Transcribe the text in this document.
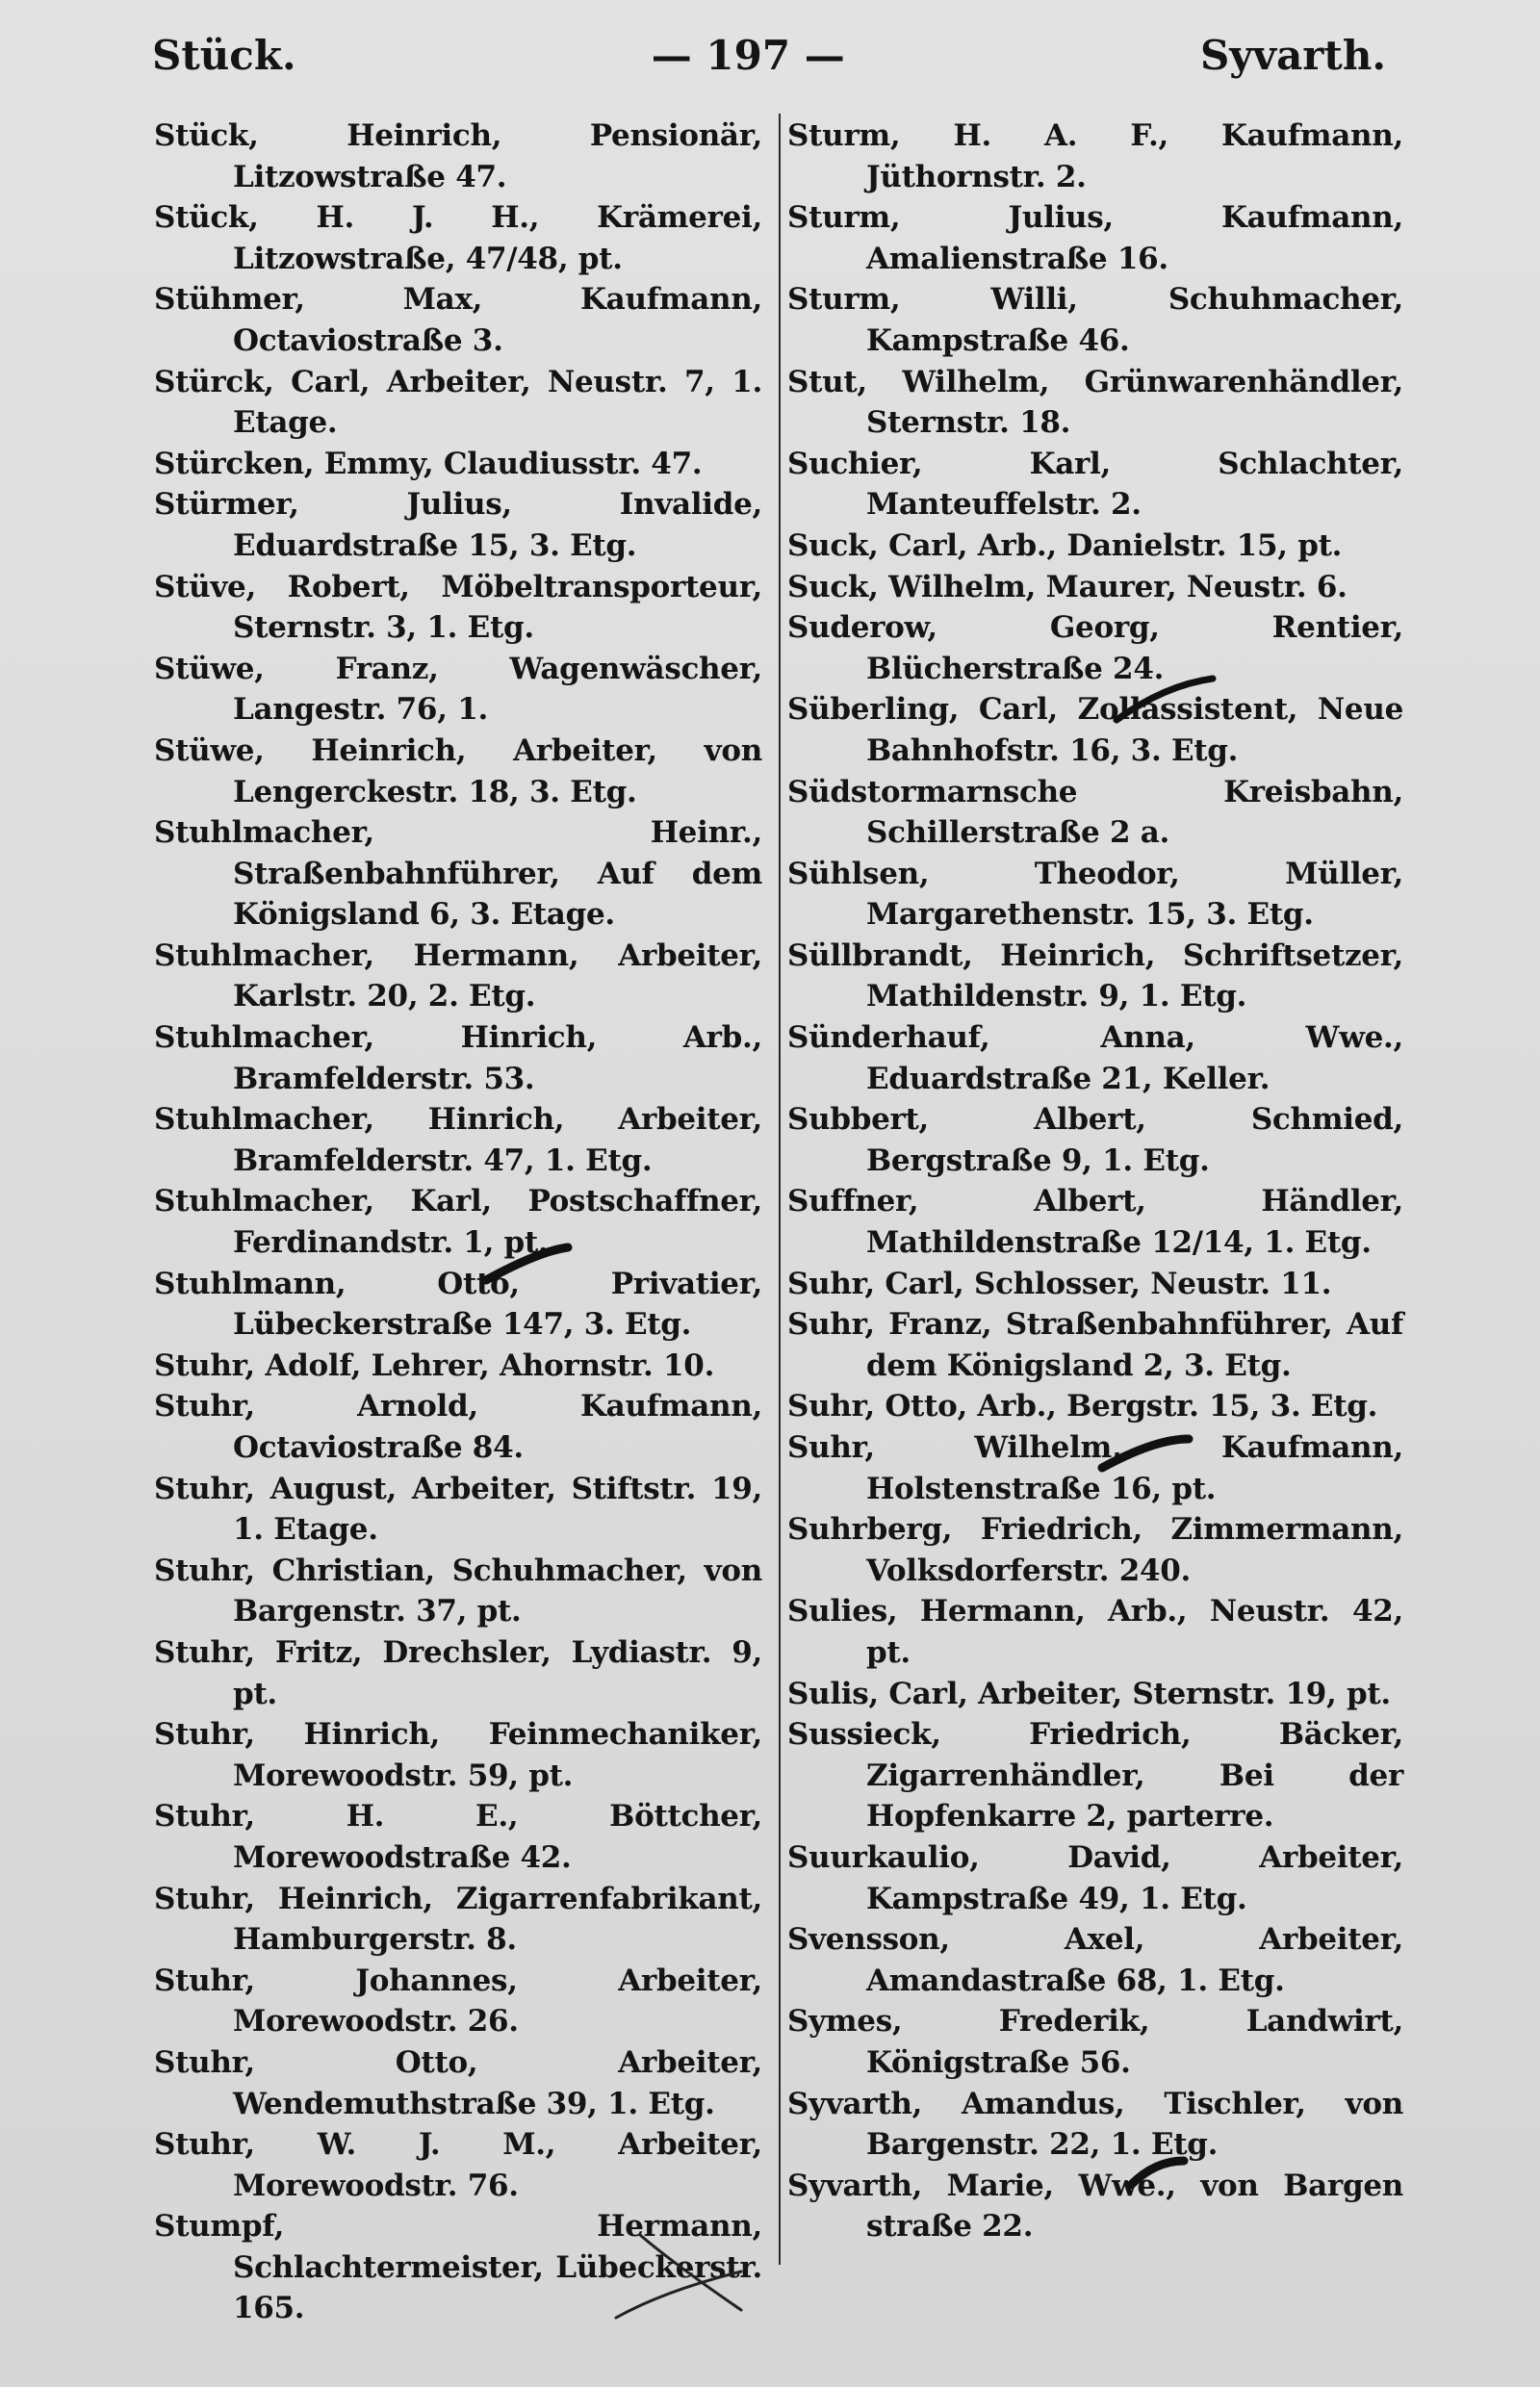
Stück.	— 197 —	Syvarth.
Stück, Heinrich, Pensionär, Litzowstraße 47.
Stück, H. J. H., Krämerei, Litzowstraße, 47/48, pt.
Stühmer, Max, Kaufmann, Octaviostraße 3.
Stürck, Carl, Arbeiter, Neustr. 7, 1. Etage.
Stürcken, Emmy, Claudiusstr. 47.
Stürmer, Julius, Invalide, Eduardstraße 15, 3. Etg.
Stüve, Robert, Möbeltransporteur, Sternstr. 3, 1. Etg.
Stüwe, Franz, Wagenwäscher, Langestr. 76, 1.
Stüwe, Heinrich, Arbeiter, von Lengerckestr. 18, 3. Etg.
Stuhlmacher, Heinr., Straßenbahnführer, Auf dem Königsland 6, 3. Etage.
Stuhlmacher, Hermann, Arbeiter, Karlstr. 20, 2. Etg.
Stuhlmacher, Hinrich, Arb., Bramfelderstr. 53.
Stuhlmacher, Hinrich, Arbeiter, Bramfelderstr. 47, 1. Etg.
Stuhlmacher, Karl, Postschaffner, Ferdinandstr. 1, pt.
Stuhlmann, Otto, Privatier, Lübeckerstraße 147, 3. Etg.
Stuhr, Adolf, Lehrer, Ahornstr. 10.
Stuhr, Arnold, Kaufmann, Octaviostraße 84.
Stuhr, August, Arbeiter, Stiftstr. 19, 1. Etage.
Stuhr, Christian, Schuhmacher, von Bargenstr. 37, pt.
Stuhr, Fritz, Drechsler, Lydiastr. 9, pt.
Stuhr, Hinrich, Feinmechaniker, Morewoodstr. 59, pt.
Stuhr, H. E., Böttcher, Morewoodstraße 42.
Stuhr, Heinrich, Zigarrenfabrikant, Hamburgerstr. 8.
Stuhr, Johannes, Arbeiter, Morewoodstr. 26.
Stuhr, Otto, Arbeiter, Wendemuthstraße 39, 1. Etg.
Stuhr, W. J. M., Arbeiter, Morewoodstr. 76.
Stumpf, Hermann, Schlachtermeister, Lübeckerstr. 165.
Sturm, H. A. F., Kaufmann, Jüthornstr. 2.
Sturm, Julius, Kaufmann, Amalienstraße 16.
Sturm, Willi, Schuhmacher, Kampstraße 46.
Stut, Wilhelm, Grünwarenhändler, Sternstr. 18.
Suchier, Karl, Schlachter, Manteuffelstr. 2.
Suck, Carl, Arb., Danielstr. 15, pt.
Suck, Wilhelm, Maurer, Neustr. 6.
Suderow, Georg, Rentier, Blücherstraße 24.
Süberling, Carl, Zollassistent, Neue Bahnhofstr. 16, 3. Etg.
Südstormarnsche Kreisbahn, Schillerstraße 2 a.
Sühlsen, Theodor, Müller, Margarethenstr. 15, 3. Etg.
Süllbrandt, Heinrich, Schriftsetzer, Mathildenstr. 9, 1. Etg.
Sünderhauf, Anna, Wwe., Eduardstraße 21, Keller.
Subbert, Albert, Schmied, Bergstraße 9, 1. Etg.
Suffner, Albert, Händler, Mathildenstraße 12/14, 1. Etg.
Suhr, Carl, Schlosser, Neustr. 11.
Suhr, Franz, Straßenbahnführer, Auf dem Königsland 2, 3. Etg.
Suhr, Otto, Arb., Bergstr. 15, 3. Etg.
Suhr, Wilhelm, Kaufmann, Holstenstraße 16, pt.
Suhrberg, Friedrich, Zimmermann, Volksdorferstr. 240.
Sulies, Hermann, Arb., Neustr. 42, pt.
Sulis, Carl, Arbeiter, Sternstr. 19, pt.
Sussieck, Friedrich, Bäcker, Zigarrenhändler, Bei der Hopfenkarre 2, parterre.
Suurkaulio, David, Arbeiter, Kampstraße 49, 1. Etg.
Svensson, Axel, Arbeiter, Amandastraße 68, 1. Etg.
Symes, Frederik, Landwirt, Königstraße 56.
Syvarth, Amandus, Tischler, von Bargenstr. 22, 1. Etg.
Syvarth, Marie, Wwe., von Bargen straße 22.
